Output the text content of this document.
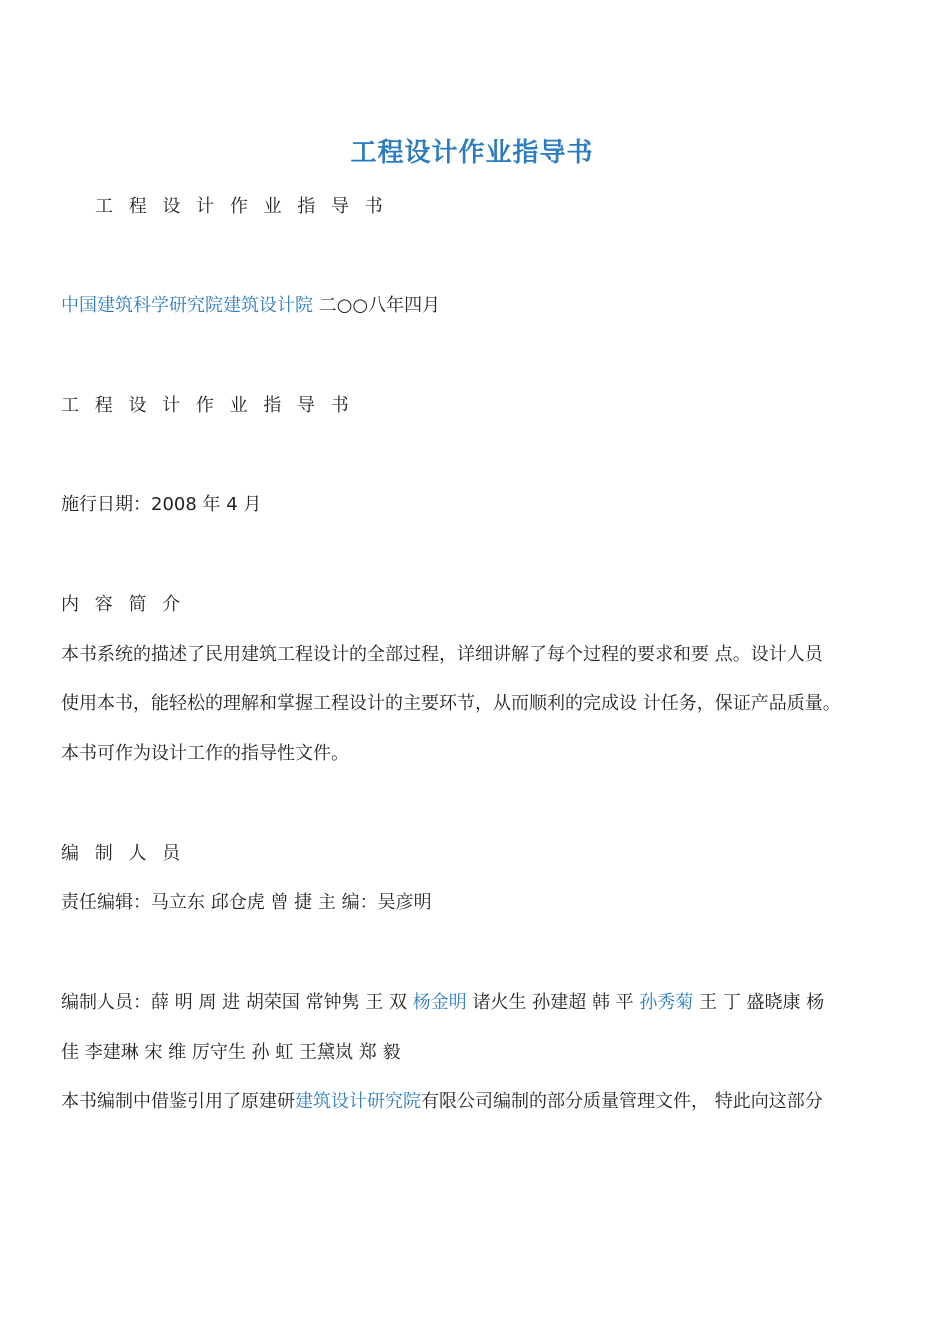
工程设计作业指导书
工 程 设 计 作 业 指 导 书
中国建筑科学研究院建筑设计院 二○○八年四月
工 程 设 计 作 业 指 导 书
施行日期：2008 年 4 月
内 容 简 介
本书系统的描述了民用建筑工程设计的全部过程，详细讲解了每个过程的要求和要 点。设计人员
使用本书，能轻松的理解和掌握工程设计的主要环节，从而顺利的完成设 计任务，保证产品质量。
本书可作为设计工作的指导性文件。
编 制 人 员
责任编辑：马立东 邱仓虎 曾 捷 主 编：吴彦明
编制人员：薛 明 周 进 胡荣国 常钟隽 王 双 杨金明 诸火生 孙建超 韩 平 孙秀菊 王 丁 盛晓康 杨
佳 李建琳 宋 维 厉守生 孙 虹 王黛岚 郑 毅
本书编制中借鉴引用了原建研建筑设计研究院有限公司编制的部分质量管理文件， 特此向这部分
